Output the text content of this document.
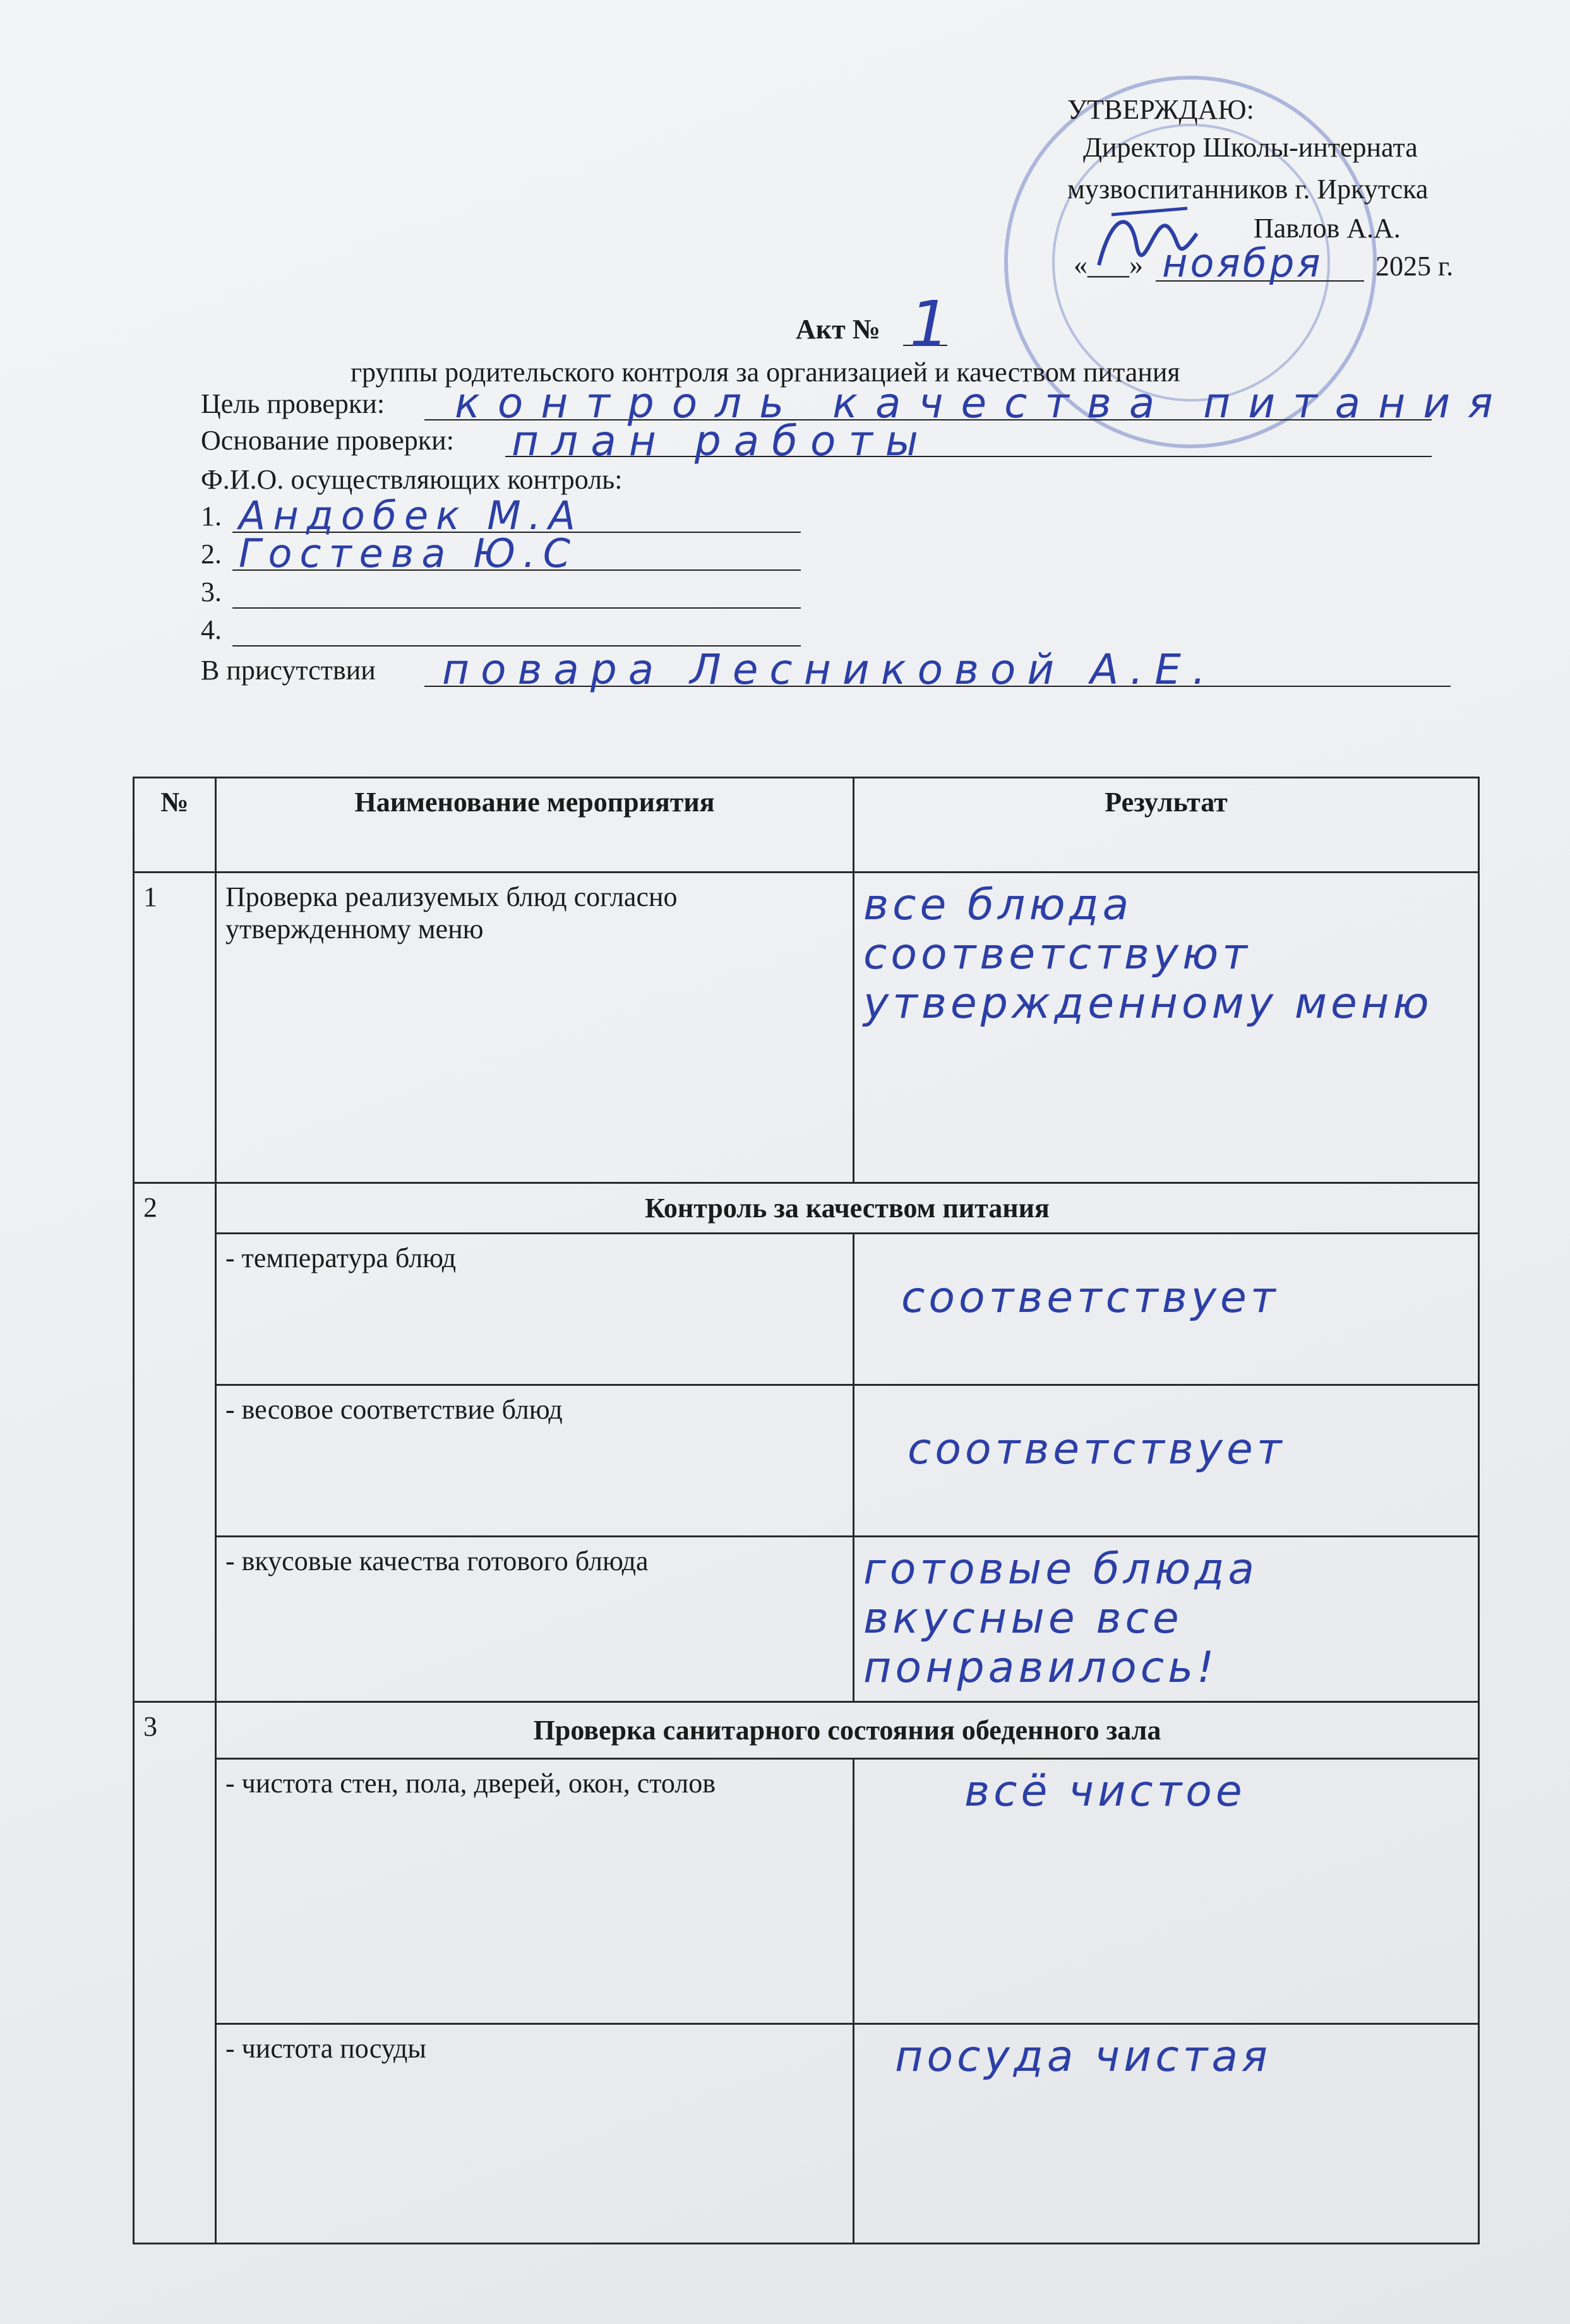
УТВЕРЖДАЮ:
Директор Школы-интерната
музвоспитанников г. Иркутска
Павлов А.А.
«___» ноября 2025 г.
Акт № 1
группы родительского контроля за организацией и качеством питания
Цель проверки: контроль качества питания
Основание проверки: план работы
Ф.И.О. осуществляющих контроль:
1. Андобек М.А
2. Гостева Ю.С
3.
4.
В присутствии повара Лесниковой А.Е.
№	Наименование мероприятия	Результат
1	Проверка реализуемых блюд согласно утвержденному меню	все блюда соответствуют утвержденному меню

2	Контроль за качеством питания	
	- температура блюд	соответствует

	- весовое соответствие блюд	соответствует

	- вкусовые качества готового блюда	готовые блюда вкусные все понравилось!

3	Проверка санитарного состояния обеденного зала	
	- чистота стен, пола, дверей, окон, столов	всё чистое

	- чистота посуды	посуда чистая
